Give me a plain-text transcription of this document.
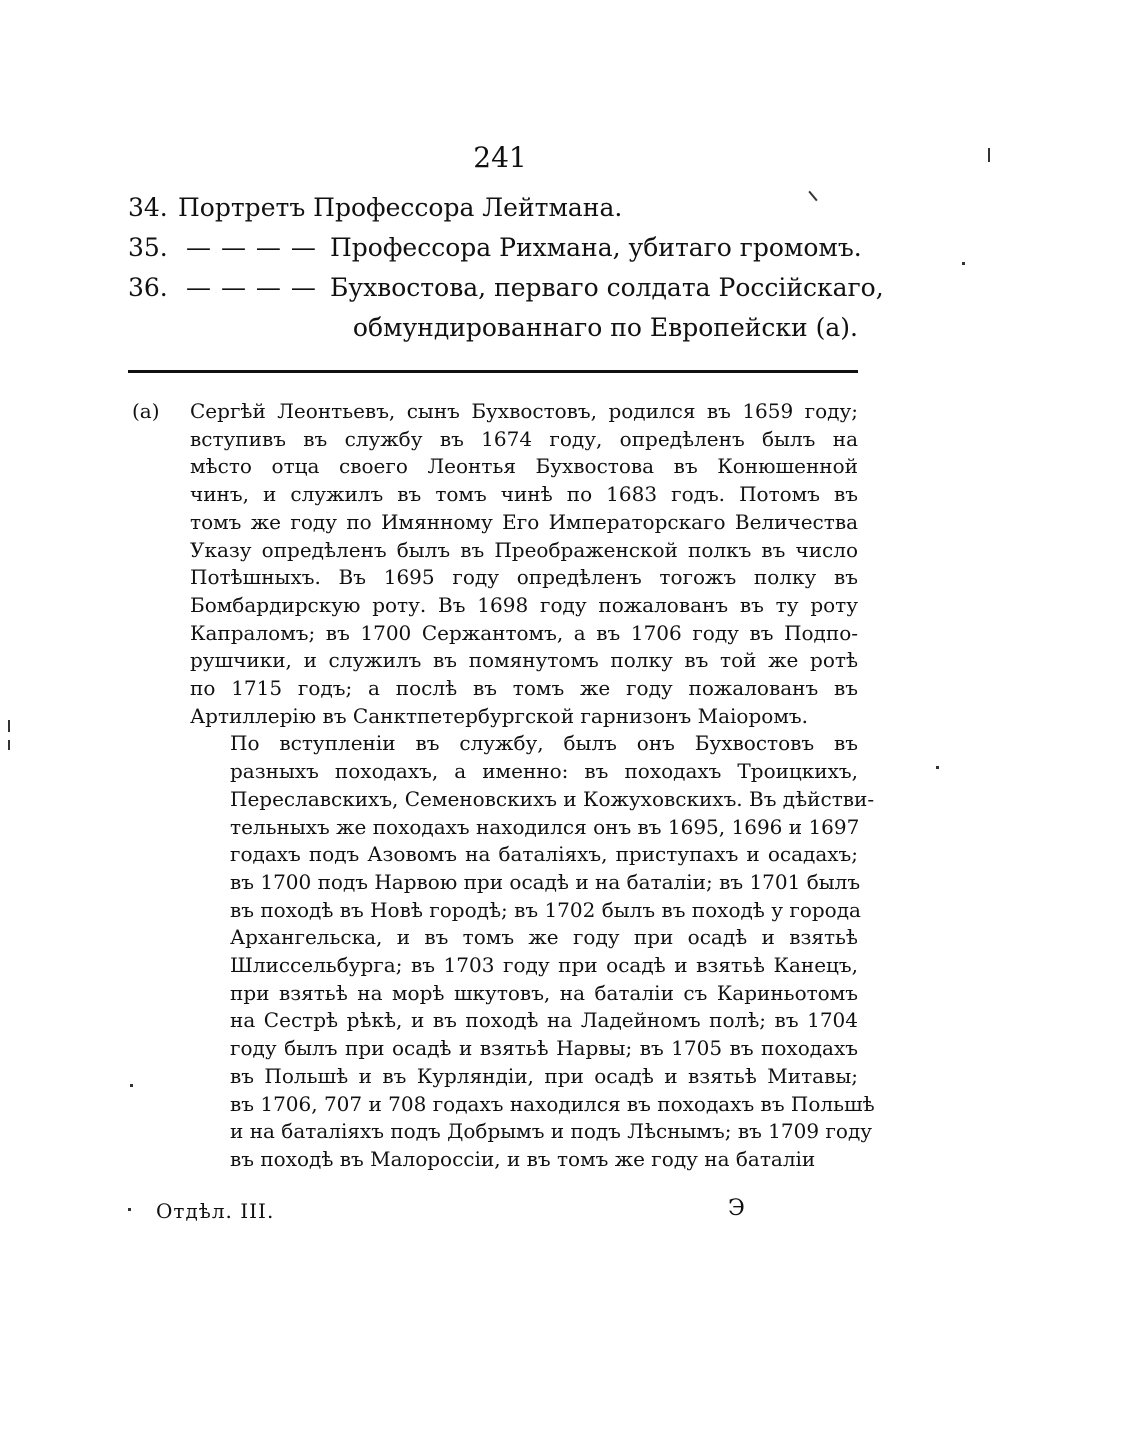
241
34. Портретъ Профессора Лейтмана.
35. — — — — Профессора Рихмана, убитаго громомъ.
36. — — — — Бухвостова, перваго солдата Россійскаго,
обмундированнаго по Европейски (а).
(а) Сергѣй Леонтьевъ, сынъ Бухвостовъ, родился въ 1659 году;
вступивъ въ службу въ 1674 году, опредѣленъ былъ на
мѣсто отца своего Леонтья Бухвостова въ Конюшенной
чинъ, и служилъ въ томъ чинѣ по 1683 годъ. Потомъ въ
томъ же году по Имянному Его Императорскаго Величества
Указу опредѣленъ былъ въ Преображенской полкъ въ число
Потѣшныхъ. Въ 1695 году опредѣленъ тогожъ полку въ
Бомбардирскую роту. Въ 1698 году пожалованъ въ ту роту
Капраломъ; въ 1700 Сержантомъ, а въ 1706 году въ Подпо-
рушчики, и служилъ въ помянутомъ полку въ той же ротѣ
по 1715 годъ; а послѣ въ томъ же году пожалованъ въ
Артиллерію въ Санктпетербургской гарнизонъ Маіоромъ.

По вступленіи въ службу, былъ онъ Бухвостовъ въ
разныхъ походахъ, а именно: въ походахъ Троицкихъ,
Переславскихъ, Семеновскихъ и Кожуховскихъ. Въ дѣйстви-
тельныхъ же походахъ находился онъ въ 1695, 1696 и 1697
годахъ подъ Азовомъ на баталіяхъ, приступахъ и осадахъ;
въ 1700 подъ Нарвою при осадѣ и на баталіи; въ 1701 былъ
въ походѣ въ Новѣ городѣ; въ 1702 былъ въ походѣ у города
Архангельска, и въ томъ же году при осадѣ и взятьѣ
Шлиссельбурга; въ 1703 году при осадѣ и взятьѣ Канецъ,
при взятьѣ на морѣ шкутовъ, на баталіи съ Кариньотомъ
на Сестрѣ рѣкѣ, и въ походѣ на Ладейномъ полѣ; въ 1704
году былъ при осадѣ и взятьѣ Нарвы; въ 1705 въ походахъ
въ Польшѣ и въ Курляндіи, при осадѣ и взятьѣ Митавы;
въ 1706, 707 и 708 годахъ находился въ походахъ въ Польшѣ
и на баталіяхъ подъ Добрымъ и подъ Лѣснымъ; въ 1709 году
въ походѣ въ Малороссіи, и въ томъ же году на баталіи

Отдѣл. III.	Э
